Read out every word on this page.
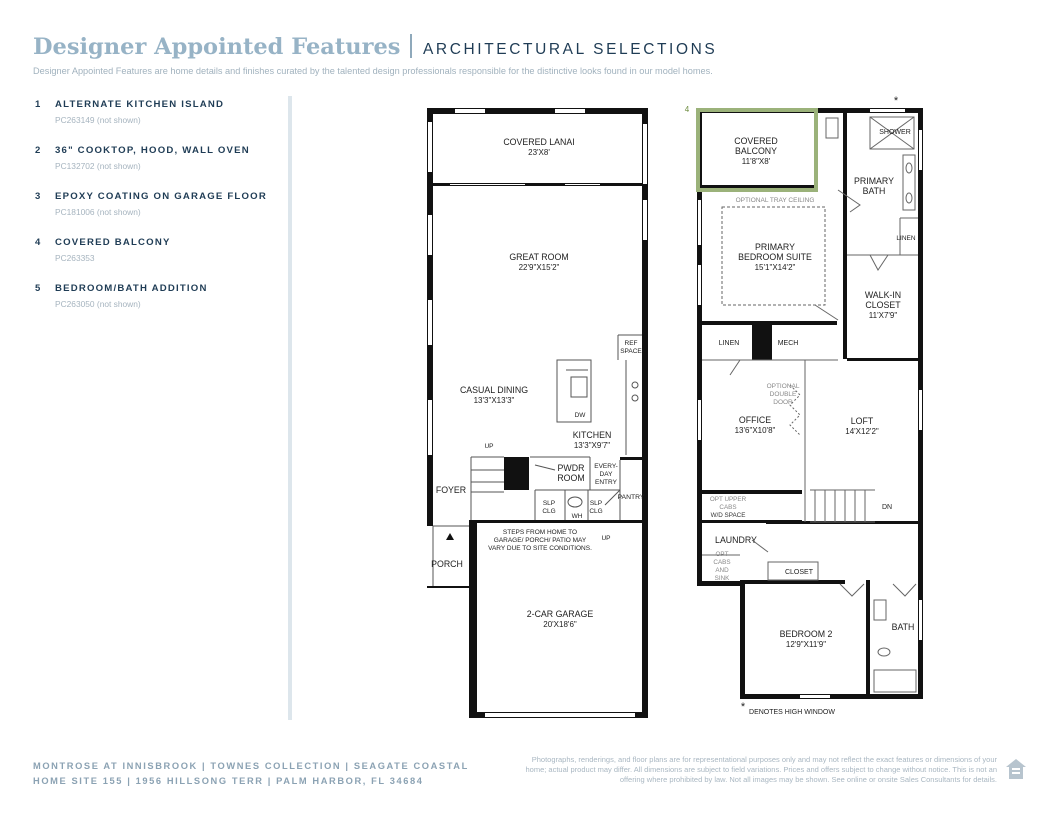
Designer Appointed Features ARCHITECTURAL SELECTIONS
Designer Appointed Features are home details and finishes curated by the talented design professionals responsible for the distinctive looks found in our model homes.
1 ALTERNATE KITCHEN ISLAND
PC263149 (not shown)
2 36" COOKTOP, HOOD, WALL OVEN
PC132702 (not shown)
3 EPOXY COATING ON GARAGE FLOOR
PC181006 (not shown)
4 COVERED BALCONY
PC263353
5 BEDROOM/BATH ADDITION
PC263050 (not shown)
COVERED LANAI
23'X8'
GREAT ROOM
22'9"X15'2"
CASUAL DINING
13'3"X13'3"
KITCHEN
13'3"X9'7"
REF
SPACE
DW
UP
FOYER
PWDR
ROOM
EVERY-
DAY
ENTRY
PANTRY
SLP
CLG
SLP
CLG
WH
UP
PORCH
STEPS FROM HOME TO
GARAGE/ PORCH/ PATIO MAY
VARY DUE TO SITE CONDITIONS.
2-CAR GARAGE
20'X18'6"
4
*
COVERED
BALCONY
11'8"X8'
SHOWER
PRIMARY
BATH
OPTIONAL TRAY CEILING
PRIMARY
BEDROOM SUITE
15'1"X14'2"
LINEN
WALK-IN
CLOSET
11'X7'9"
LINEN	MECH
OPTIONAL
DOUBLE
DOOR
OFFICE
13'6"X10'8"
LOFT
14'X12'2"
OPT UPPER
CABS
W/D SPACE
DN
LAUNDRY
OPT
CABS
AND
SINK
CLOSET
BEDROOM 2
12'9"X11'9"
BATH
* DENOTES HIGH WINDOW
MONTROSE AT INNISBROOK | TOWNES COLLECTION | SEAGATE COASTAL
HOME SITE 155 | 1956 HILLSONG TERR | PALM HARBOR, FL 34684
Photographs, renderings, and floor plans are for representational purposes only and may not reflect the exact features or dimensions of your home; actual product may differ. All dimensions are subject to field variations. Prices and offers subject to change without notice. This is not an offering where prohibited by law. Not all images may be shown. See online or onsite Sales Consultants for details.
